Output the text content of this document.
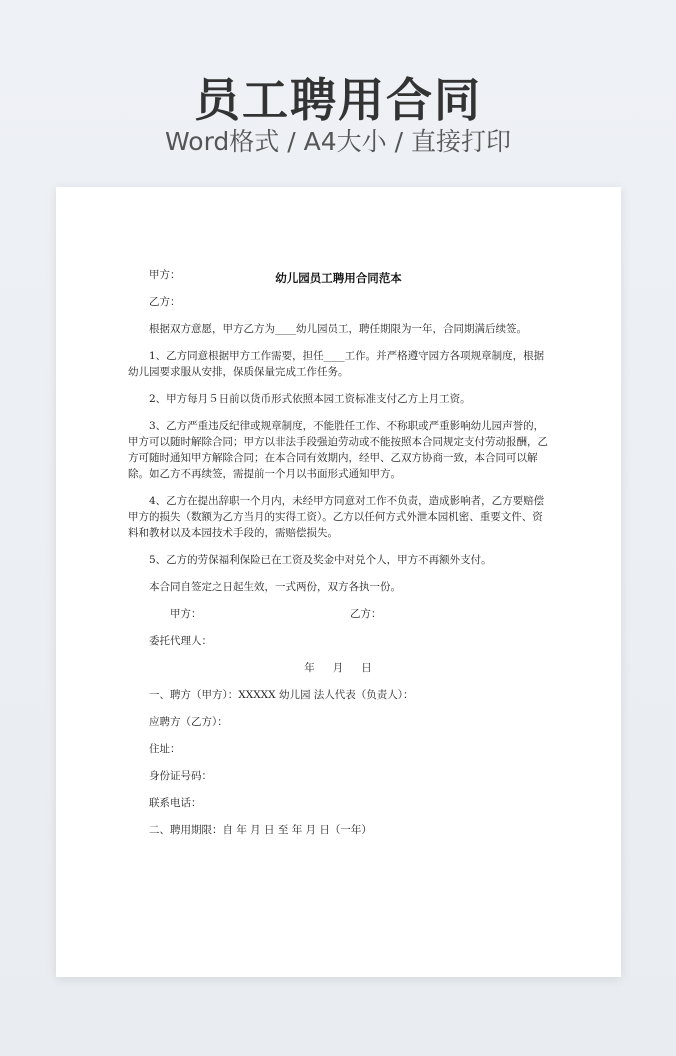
员工聘用合同
Word格式 / A4大小 / 直接打印
幼儿园员工聘用合同范本

甲方：

乙方：

根据双方意愿，甲方乙方为____幼儿园员工，聘任期限为一年，合同期满后续签。

1、乙方同意根据甲方工作需要，担任____工作。并严格遵守园方各项规章制度，根据幼儿园要求服从安排，保质保量完成工作任务。

2、甲方每月５日前以货币形式依照本园工资标准支付乙方上月工资。

3、乙方严重违反纪律或规章制度，不能胜任工作、不称职或严重影响幼儿园声誉的，甲方可以随时解除合同；甲方以非法手段强迫劳动或不能按照本合同规定支付劳动报酬，乙方可随时通知甲方解除合同；在本合同有效期内，经甲、乙双方协商一致，本合同可以解除。如乙方不再续签，需提前一个月以书面形式通知甲方。

4、乙方在提出辞职一个月内，未经甲方同意对工作不负责，造成影响者，乙方要赔偿甲方的损失（数额为乙方当月的实得工资）。乙方以任何方式外泄本园机密、重要文件、资料和教材以及本园技术手段的，需赔偿损失。

5、乙方的劳保福利保险已在工资及奖金中对兑个人，甲方不再额外支付。

本合同自签定之日起生效，一式两份，双方各执一份。

甲方：	乙方：

委托代理人：

年 月 日

一、聘方（甲方）：XXXXX 幼儿园 法人代表（负责人）：

应聘方（乙方）：

住址：

身份证号码：

联系电话：

二、聘用期限：自 年 月 日 至 年 月 日（一年）
